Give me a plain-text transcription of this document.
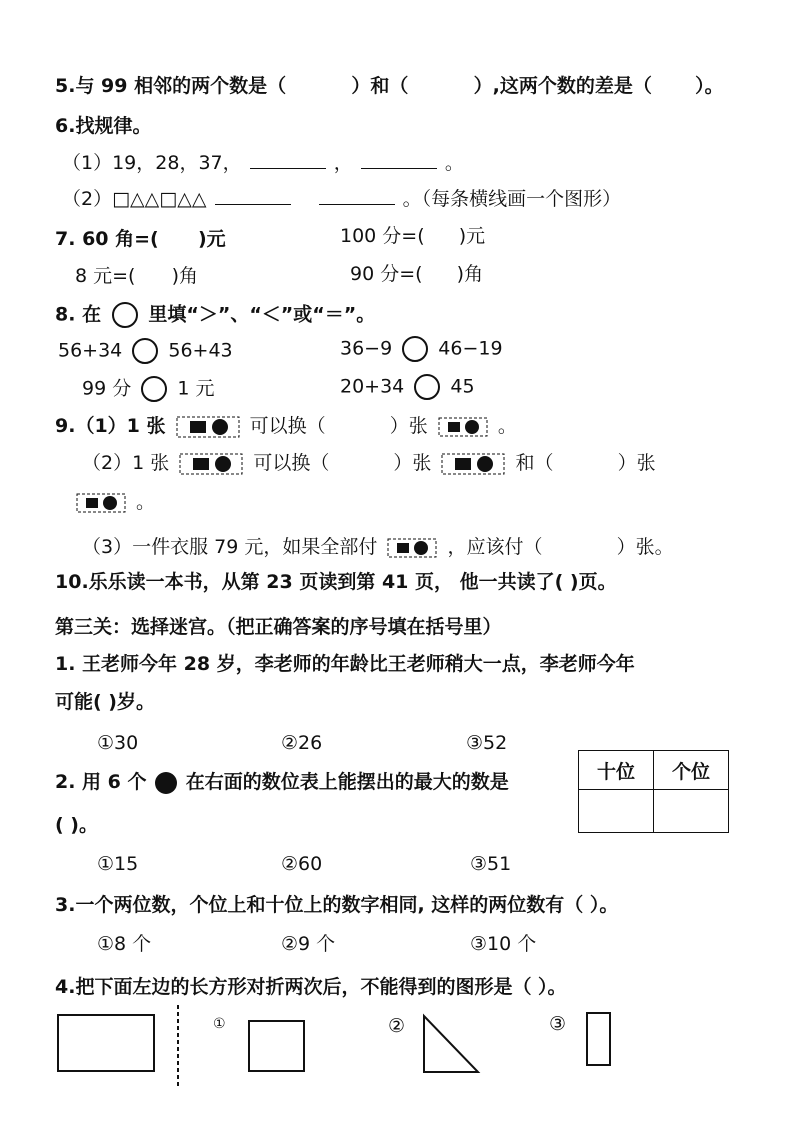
5.与 99 相邻的两个数是（	）和（	）,这两个数的差是（ ）。
6.找规律。
（1）19，28，37，	，	。
（2）□△△□△△	。（每条横线画一个图形）
7. 60 角=( )元	100 分=( )元
8 元=( )角	90 分=( )角
8. 在 里填“＞”、“＜”或“＝”。
56+34 56+43	36−9 46−19
99 分 1 元	20+34 45
9.（1）1 张	可以换（	）张	。
（2）1 张	可以换（	）张	和（	）张
。
（3）一件衣服 79 元，如果全部付	，应该付（	）张。
10.乐乐读一本书，从第 23 页读到第 41 页， 他一共读了( )页。
第三关：选择迷宫。（把正确答案的序号填在括号里）
1. 王老师今年 28 岁，李老师的年龄比王老师稍大一点，李老师今年
可能( )岁。
①30	②26	③52
2. 用 6 个 在右面的数位表上能摆出的最大的数是
( )。
十位	个位

①15	②60	③51
3.一个两位数，个位上和十位上的数字相同, 这样的两位数有（ ）。
①8 个	②9 个	③10 个
4.把下面左边的长方形对折两次后，不能得到的图形是（ ）。
①	②	③
